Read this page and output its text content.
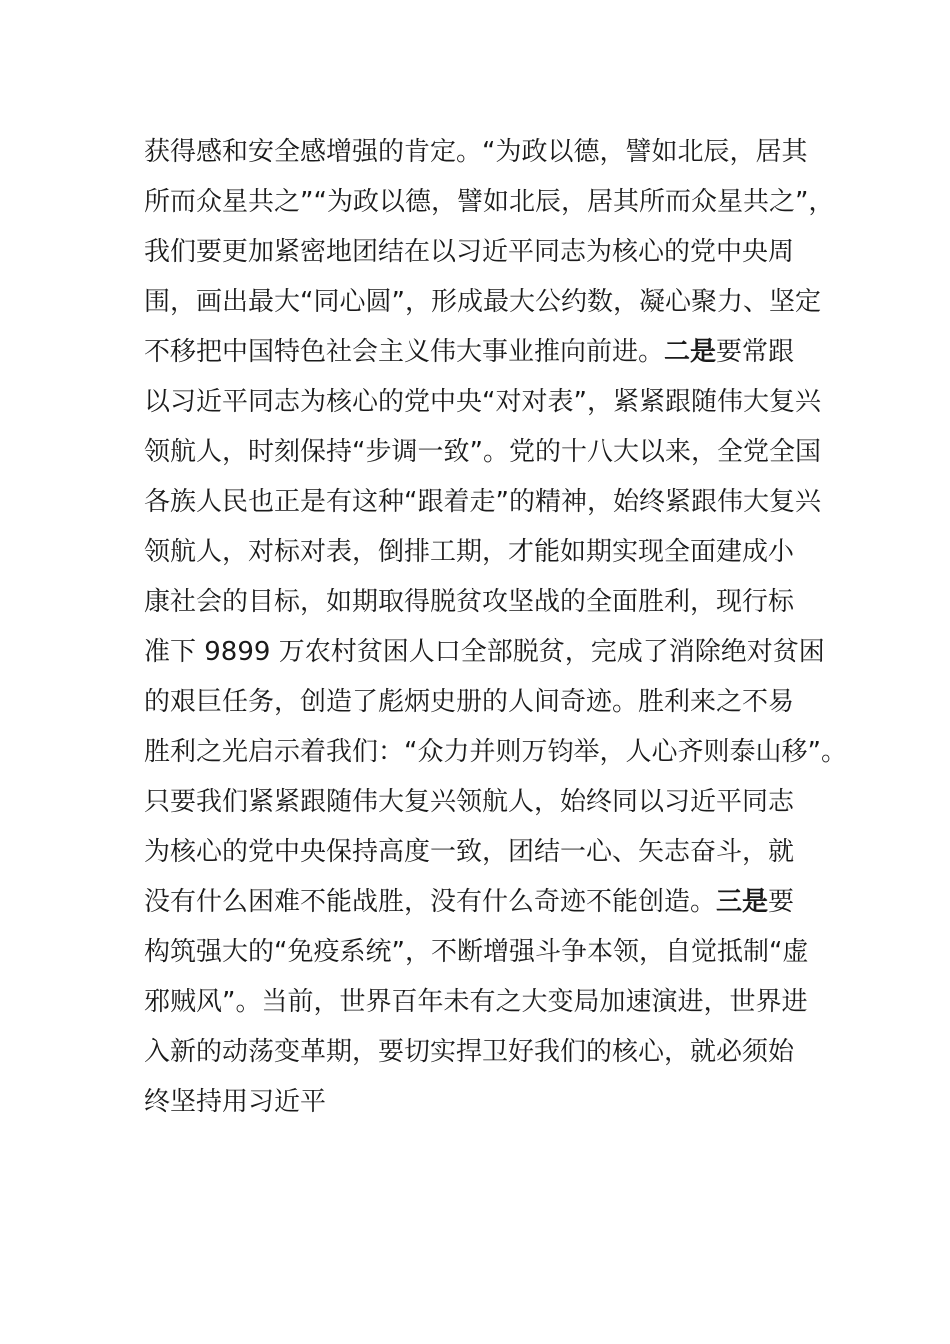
获得感和安全感增强的肯定。“为政以德，譬如北辰，居其
所而众星共之”“为政以德，譬如北辰，居其所而众星共之”，
我们要更加紧密地团结在以习近平同志为核心的党中央周
围，画出最大“同心圆”，形成最大公约数，凝心聚力、坚定
不移把中国特色社会主义伟大事业推向前进。二是要常跟
以习近平同志为核心的党中央“对对表”，紧紧跟随伟大复兴
领航人，时刻保持“步调一致”。党的十八大以来，全党全国
各族人民也正是有这种“跟着走”的精神，始终紧跟伟大复兴
领航人，对标对表，倒排工期，才能如期实现全面建成小
康社会的目标，如期取得脱贫攻坚战的全面胜利，现行标
准下 9899 万农村贫困人口全部脱贫，完成了消除绝对贫困
的艰巨任务，创造了彪炳史册的人间奇迹。胜利来之不易
胜利之光启示着我们：“众力并则万钧举，人心齐则泰山移”。
只要我们紧紧跟随伟大复兴领航人，始终同以习近平同志
为核心的党中央保持高度一致，团结一心、矢志奋斗，就
没有什么困难不能战胜，没有什么奇迹不能创造。三是要
构筑强大的“免疫系统”，不断增强斗争本领，自觉抵制“虚
邪贼风”。当前，世界百年未有之大变局加速演进，世界进
入新的动荡变革期，要切实捍卫好我们的核心，就必须始
终坚持用习近平
